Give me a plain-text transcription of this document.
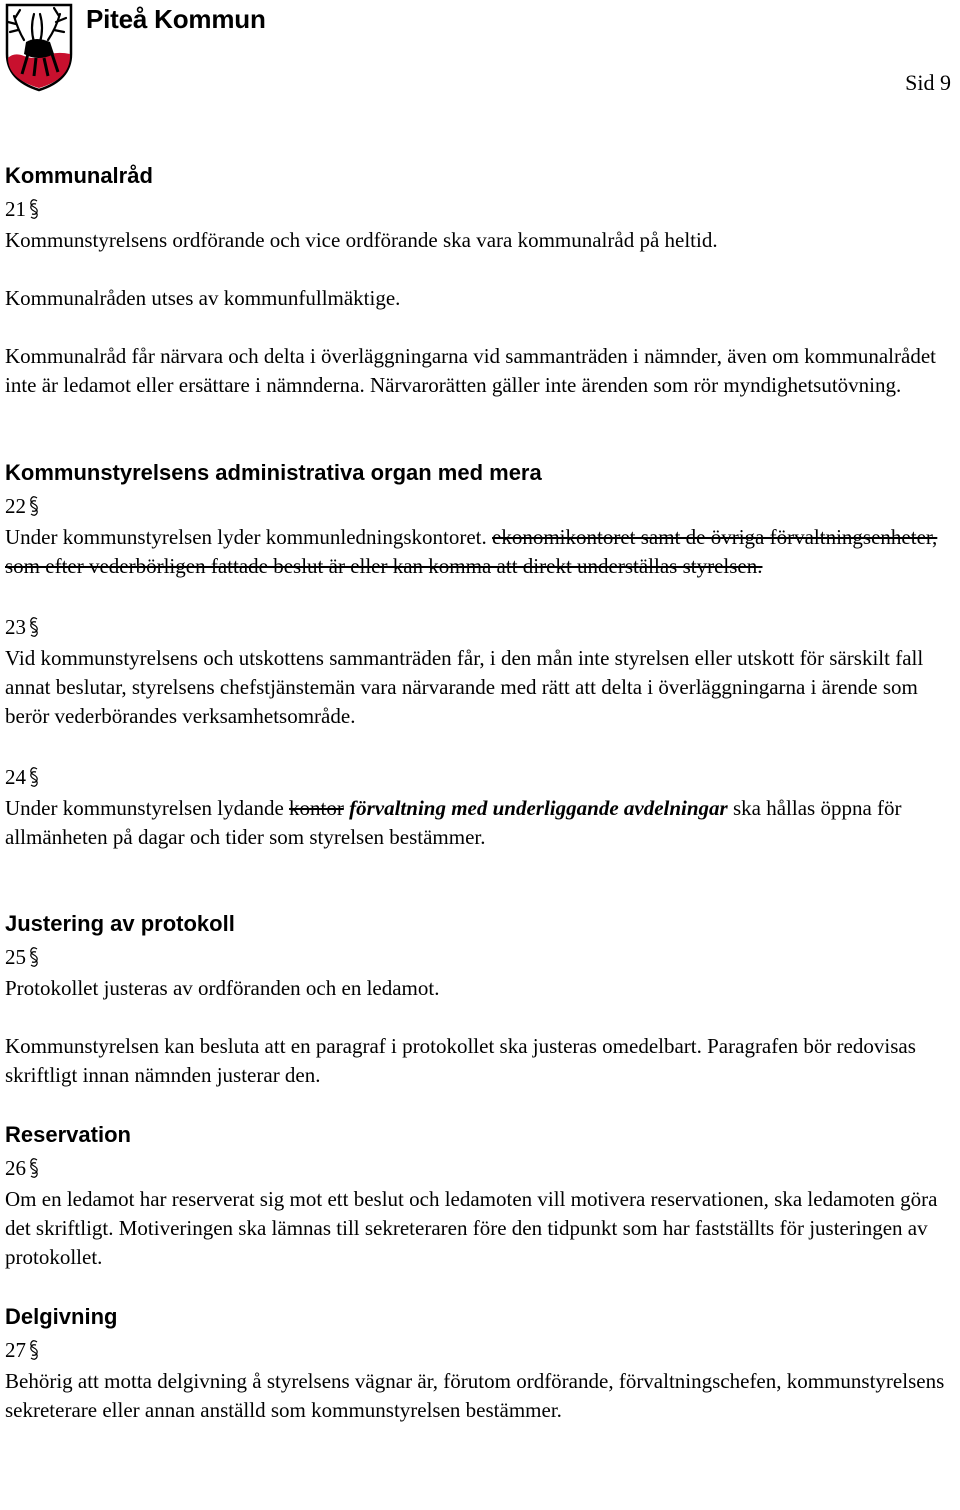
Piteå Kommun
Sid 9
Kommunalråd
21

Kommunstyrelsens ordförande och vice ordförande ska vara kommunalråd på heltid.

Kommunalråden utses av kommunfullmäktige.

Kommunalråd får närvara och delta i överläggningarna vid sammanträden i nämnder, även om kommunalrådet inte är ledamot eller ersättare i nämnderna. Närvarorätten gäller inte ärenden som rör myndighetsutövning.

Kommunstyrelsens administrativa organ med mera
22

Under kommunstyrelsen lyder kommunledningskontoret. ekonomikontoret samt de övriga förvaltningsenheter, som efter vederbörligen fattade beslut är eller kan komma att direkt underställas styrelsen.

23

Vid kommunstyrelsens och utskottens sammanträden får, i den mån inte styrelsen eller utskott för särskilt fall annat beslutar, styrelsens chefstjänstemän vara närvarande med rätt att delta i överläggningarna i ärende som berör vederbörandes verksamhetsområde.

24

Under kommunstyrelsen lydande kontor förvaltning med underliggande avdelningar ska hållas öppna för allmänheten på dagar och tider som styrelsen bestämmer.

Justering av protokoll
25

Protokollet justeras av ordföranden och en ledamot.

Kommunstyrelsen kan besluta att en paragraf i protokollet ska justeras omedelbart. Paragrafen bör redovisas skriftligt innan nämnden justerar den.

Reservation
26

Om en ledamot har reserverat sig mot ett beslut och ledamoten vill motivera reservationen, ska ledamoten göra det skriftligt. Motiveringen ska lämnas till sekreteraren före den tidpunkt som har fastställts för justeringen av protokollet.

Delgivning
27

Behörig att motta delgivning å styrelsens vägnar är, förutom ordförande, förvaltningschefen, kommunstyrelsens sekreterare eller annan anställd som kommunstyrelsen bestämmer.
